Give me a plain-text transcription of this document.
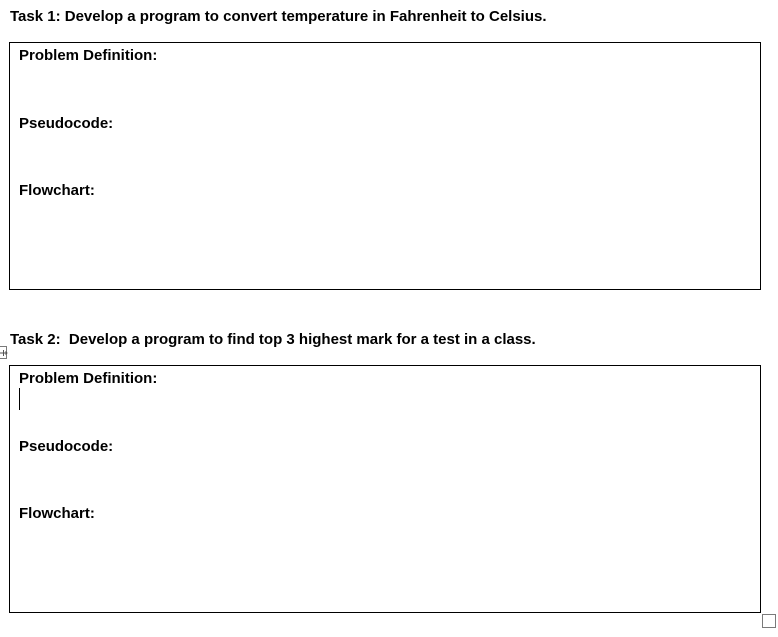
Task 1: Develop a program to convert temperature in Fahrenheit to Celsius.

Problem Definition:

Pseudocode:

Flowchart:

Task 2:  Develop a program to find top 3 highest mark for a test in a class.

Problem Definition:

Pseudocode:

Flowchart:
